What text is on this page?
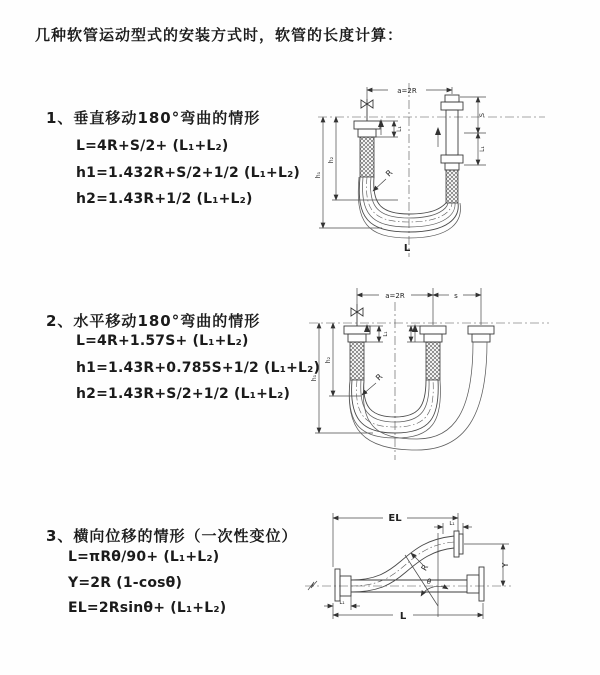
几种软管运动型式的安装方式时，软管的长度计算：
1、垂直移动180°弯曲的情形
L=4R+S/2+ (L₁+L₂)
h1=1.432R+S/2+1/2 (L₁+L₂)
h2=1.43R+1/2 (L₁+L₂)
2、水平移动180°弯曲的情形
L=4R+1.57S+ (L₁+L₂)
h1=1.43R+0.785S+1/2 (L₁+L₂)
h2=1.43R+S/2+1/2 (L₁+L₂)
3、横向位移的情形（一次性变位）
L=πRθ/90+ (L₁+L₂)
Y=2R (1-cosθ)
EL=2Rsinθ+ (L₁+L₂)
a=2R
L₁
S
L₁
h₂
h₁	R
L
a=2R	s
L₁
h₂
h₁	R
EL	L₁
Y
θ
R
L₁
L
